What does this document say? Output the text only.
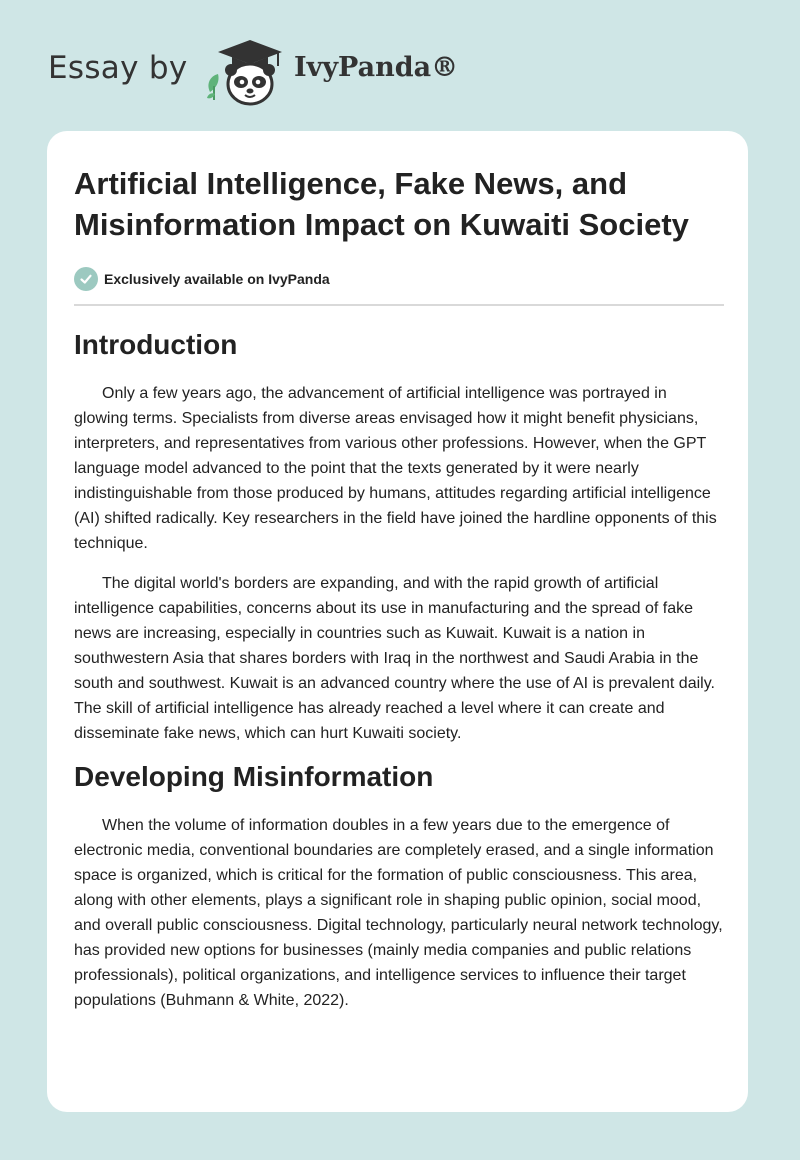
Essay by	IvyPanda®
Artificial Intelligence, Fake News, and Misinformation Impact on Kuwaiti Society
Exclusively available on IvyPanda
Introduction

Only a few years ago, the advancement of artificial intelligence was portrayed in glowing terms. Specialists from diverse areas envisaged how it might benefit physicians, interpreters, and representatives from various other professions. However, when the GPT language model advanced to the point that the texts generated by it were nearly indistinguishable from those produced by humans, attitudes regarding artificial intelligence (AI) shifted radically. Key researchers in the field have joined the hardline opponents of this technique.

The digital world's borders are expanding, and with the rapid growth of artificial intelligence capabilities, concerns about its use in manufacturing and the spread of fake news are increasing, especially in countries such as Kuwait. Kuwait is a nation in southwestern Asia that shares borders with Iraq in the northwest and Saudi Arabia in the south and southwest. Kuwait is an advanced country where the use of AI is prevalent daily. The skill of artificial intelligence has already reached a level where it can create and disseminate fake news, which can hurt Kuwaiti society.

Developing Misinformation

When the volume of information doubles in a few years due to the emergence of electronic media, conventional boundaries are completely erased, and a single information space is organized, which is critical for the formation of public consciousness. This area, along with other elements, plays a significant role in shaping public opinion, social mood, and overall public consciousness. Digital technology, particularly neural network technology, has provided new options for businesses (mainly media companies and public relations professionals), political organizations, and intelligence services to influence their target populations (Buhmann & White, 2022).
